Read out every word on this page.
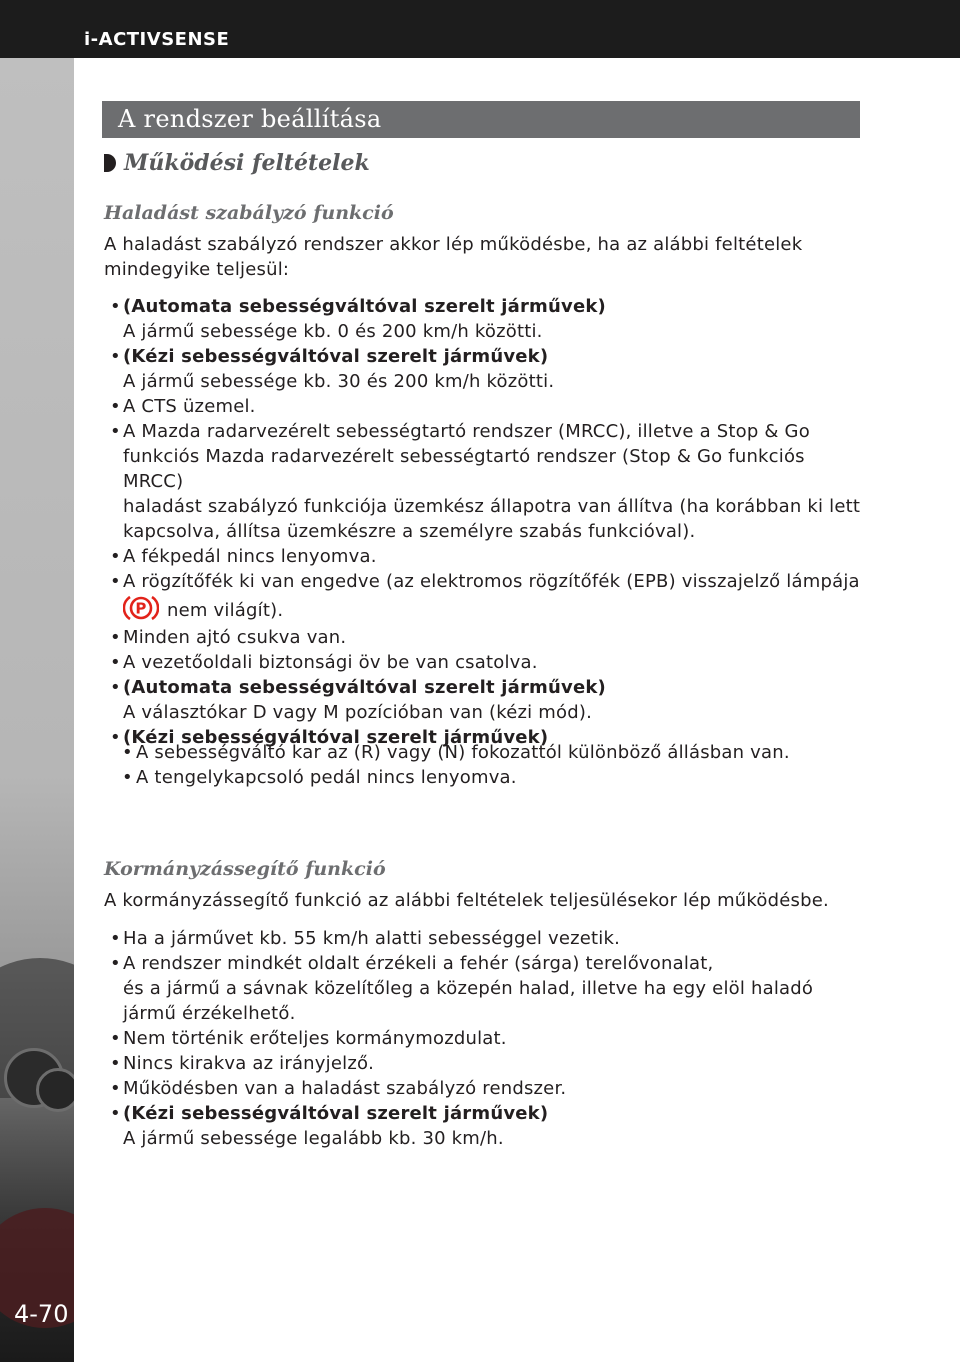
i-ACTIVSENSE
4-70
A rendszer beállítása
Működési feltételek
Haladást szabályzó funkció
A haladást szabályzó rendszer akkor lép működésbe, ha az alábbi feltételek
mindegyike teljesül:
• (Automata sebességváltóval szerelt járművek)
A jármű sebessége kb. 0 és 200 km/h közötti.
• (Kézi sebességváltóval szerelt járművek)
A jármű sebessége kb. 30 és 200 km/h közötti.
• A CTS üzemel.
• A Mazda radarvezérelt sebességtartó rendszer (MRCC), illetve a Stop & Go
funkciós Mazda radarvezérelt sebességtartó rendszer (Stop & Go funkciós MRCC)
haladást szabályzó funkciója üzemkész állapotra van állítva (ha korábban ki lett
kapcsolva, állítsa üzemkészre a személyre szabás funkcióval).
• A fékpedál nincs lenyomva.
• A rögzítőfék ki van engedve (az elektromos rögzítőfék (EPB) visszajelző lámpája
P nem világít).
• Minden ajtó csukva van.
• A vezetőoldali biztonsági öv be van csatolva.
• (Automata sebességváltóval szerelt járművek)
A választókar D vagy M pozícióban van (kézi mód).
• (Kézi sebességváltóval szerelt járművek)
• A sebességváltó kar az (R) vagy (N) fokozattól különböző állásban van.
• A tengelykapcsoló pedál nincs lenyomva.
Kormányzássegítő funkció
A kormányzássegítő funkció az alábbi feltételek teljesülésekor lép működésbe.
• Ha a járművet kb. 55 km/h alatti sebességgel vezetik.
• A rendszer mindkét oldalt érzékeli a fehér (sárga) terelővonalat,
és a jármű a sávnak közelítőleg a közepén halad, illetve ha egy elöl haladó
jármű érzékelhető.
• Nem történik erőteljes kormánymozdulat.
• Nincs kirakva az irányjelző.
• Működésben van a haladást szabályzó rendszer.
• (Kézi sebességváltóval szerelt járművek)
A jármű sebessége legalább kb. 30 km/h.
